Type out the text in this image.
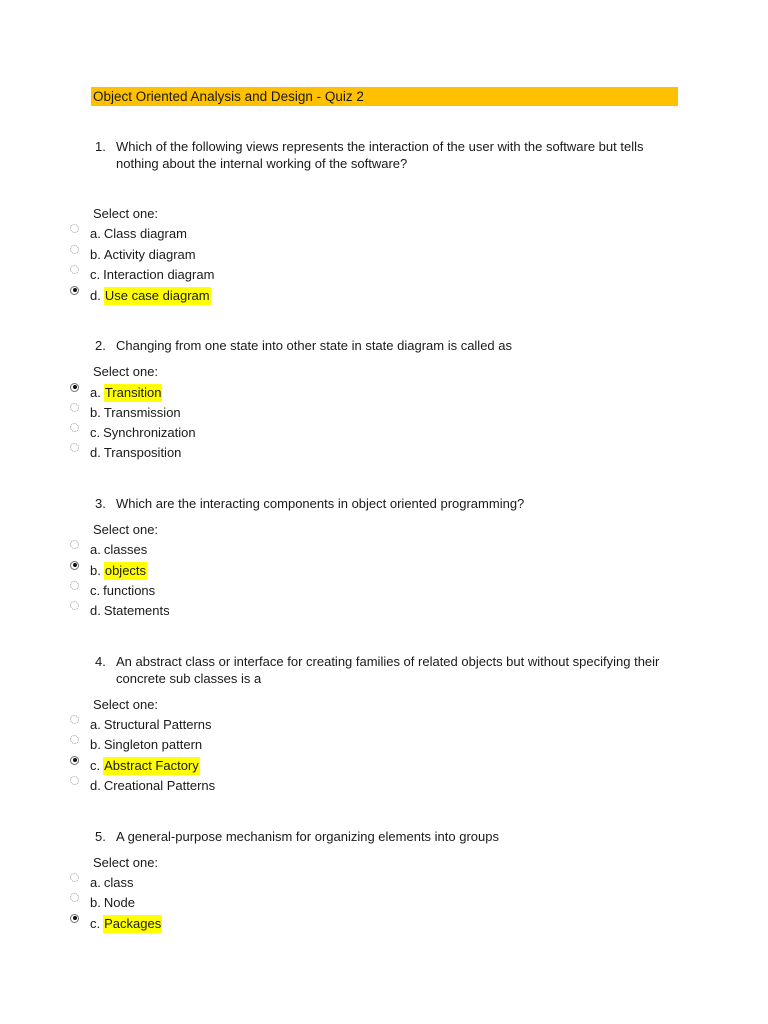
Object Oriented Analysis and Design - Quiz 2
1. Which of the following views represents the interaction of the user with the software but tells nothing about the internal working of the software?
Select one:
a. Class diagram
b. Activity diagram
c. Interaction diagram
d. Use case diagram
2. Changing from one state into other state in state diagram is called as
Select one:
a. Transition
b. Transmission
c. Synchronization
d. Transposition
3. Which are the interacting components in object oriented programming?
Select one:
a. classes
b. objects
c. functions
d. Statements
4. An abstract class or interface for creating families of related objects but without specifying their concrete sub classes is a
Select one:
a. Structural Patterns
b. Singleton pattern
c. Abstract Factory
d. Creational Patterns
5. A general-purpose mechanism for organizing elements into groups
Select one:
a. class
b. Node
c. Packages
